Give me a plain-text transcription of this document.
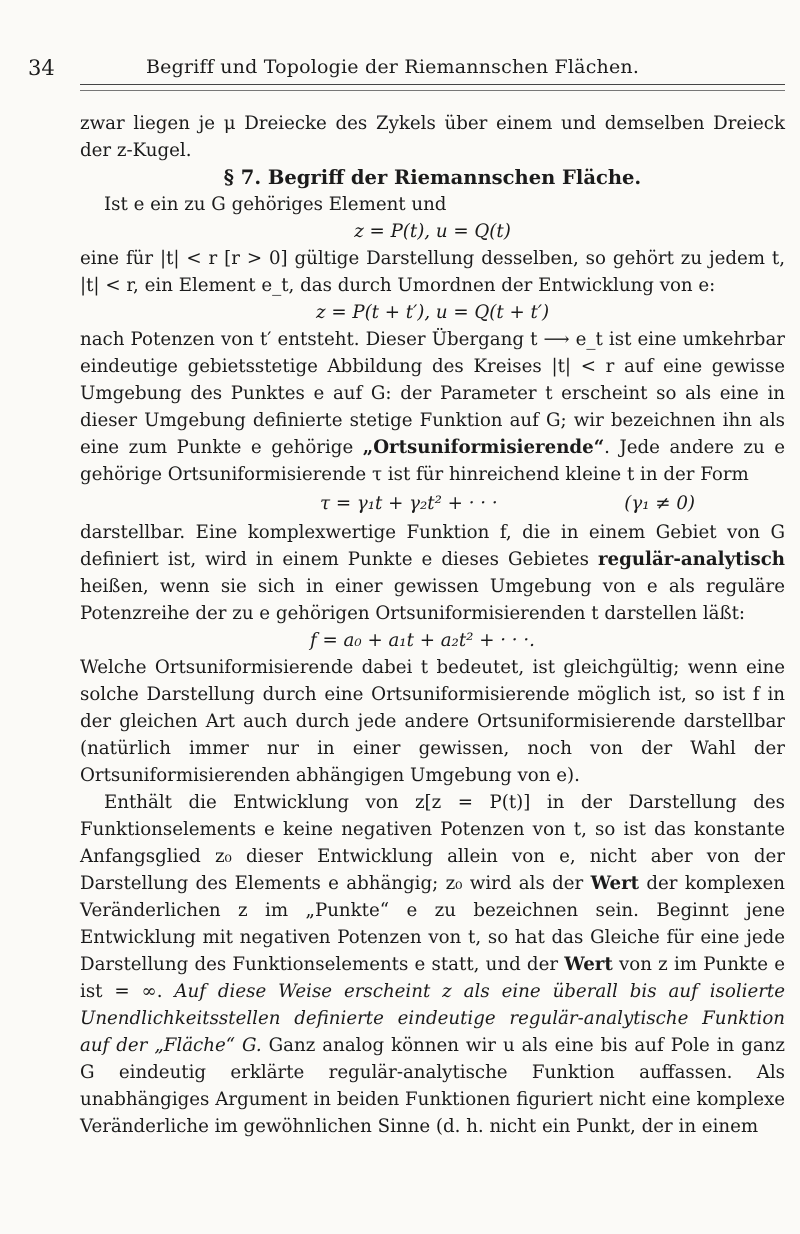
34	Begriff und Topologie der Riemannschen Flächen.

zwar liegen je μ Dreiecke des Zykels über einem und demselben Dreieck der z-Kugel.

§ 7. Begriff der Riemannschen Fläche.

Ist e ein zu G gehöriges Element und

z = P(t), u = Q(t)

eine für |t| < r [r > 0] gültige Darstellung desselben, so gehört zu jedem t, |t| < r, ein Element e_t, das durch Umordnen der Entwicklung von e:

z = P(t + t′), u = Q(t + t′)

nach Potenzen von t′ entsteht. Dieser Übergang t ⟶ e_t ist eine umkehrbar eindeutige gebietsstetige Abbildung des Kreises |t| < r auf eine gewisse Umgebung des Punktes e auf G: der Parameter t erscheint so als eine in dieser Umgebung definierte stetige Funktion auf G; wir bezeichnen ihn als eine zum Punkte e gehörige „Ortsuniformisierende“. Jede andere zu e gehörige Ortsuniformisierende τ ist für hinreichend kleine t in der Form

τ = γ₁t + γ₂t² + · · ·	(γ₁ ≠ 0)

darstellbar. Eine komplexwertige Funktion f, die in einem Gebiet von G definiert ist, wird in einem Punkte e dieses Gebietes regulär-analytisch heißen, wenn sie sich in einer gewissen Umgebung von e als reguläre Potenzreihe der zu e gehörigen Ortsuniformisierenden t darstellen läßt:

f = a₀ + a₁t + a₂t² + · · ·.

Welche Ortsuniformisierende dabei t bedeutet, ist gleichgültig; wenn eine solche Darstellung durch eine Ortsuniformisierende möglich ist, so ist f in der gleichen Art auch durch jede andere Ortsuniformisierende darstellbar (natürlich immer nur in einer gewissen, noch von der Wahl der Ortsuniformisierenden abhängigen Umgebung von e).

Enthält die Entwicklung von z[z = P(t)] in der Darstellung des Funktionselements e keine negativen Potenzen von t, so ist das konstante Anfangsglied z₀ dieser Entwicklung allein von e, nicht aber von der Darstellung des Elements e abhängig; z₀ wird als der Wert der komplexen Veränderlichen z im „Punkte“ e zu bezeichnen sein. Beginnt jene Entwicklung mit negativen Potenzen von t, so hat das Gleiche für eine jede Darstellung des Funktionselements e statt, und der Wert von z im Punkte e ist = ∞. Auf diese Weise erscheint z als eine überall bis auf isolierte Unendlichkeitsstellen definierte eindeutige regulär-analytische Funktion auf der „Fläche“ G. Ganz analog können wir u als eine bis auf Pole in ganz G eindeutig erklärte regulär-analytische Funktion auffassen. Als unabhängiges Argument in beiden Funktionen figuriert nicht eine komplexe Veränderliche im gewöhnlichen Sinne (d. h. nicht ein Punkt, der in einem
